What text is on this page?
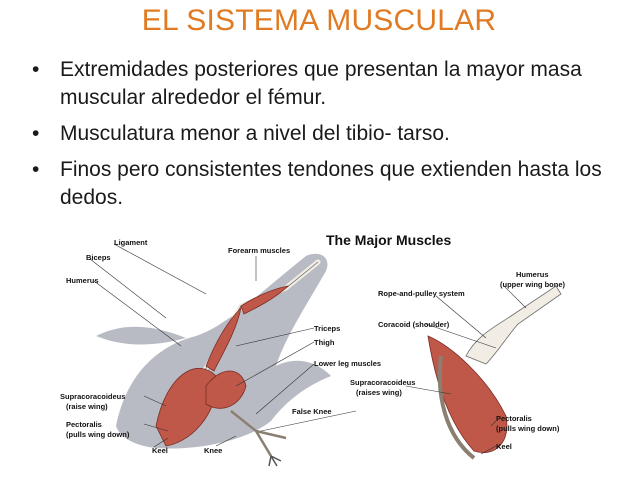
EL SISTEMA MUSCULAR
• Extremidades posteriores que presentan la mayor masa muscular alrededor el fémur.
• Musculatura menor a nivel del tibio- tarso.
• Finos pero consistentes tendones que extienden hasta los dedos.
The Major Muscles
Ligament
Biceps
Humerus
Forearm muscles
Triceps
Thigh
Lower leg muscles
Supracoracoideus
(raise wing)
Pectoralis
(pulls wing down)
False Knee
Keel	Knee
Humerus
(upper wing bone)
Rope-and-pulley system
Coracoid (shoulder)
Supracoracoideus
(raises wing)
Pectoralis
(pulls wing down)
Keel
